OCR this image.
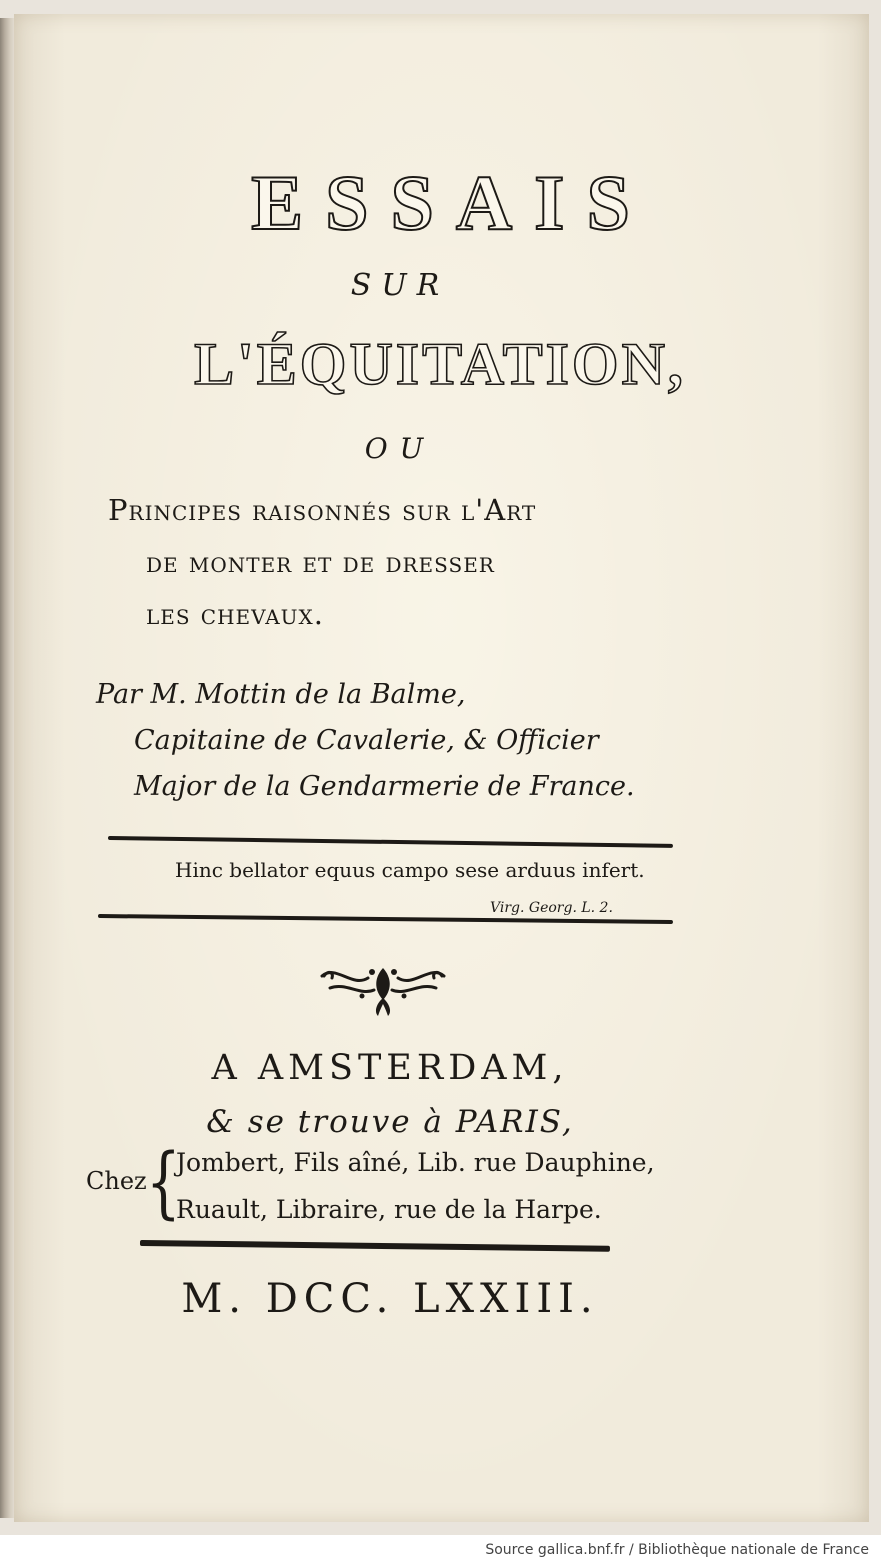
ESSAIS
SUR
L'ÉQUITATION,
OU
Principes raisonnés sur l'Art
de monter et de dresser
les chevaux.
Par M. Mottin de la Balme,
Capitaine de Cavalerie, & Officier
Major de la Gendarmerie de France.
Hinc bellator equus campo sese arduus infert.
Virg. Georg. L. 2.
A AMSTERDAM,
& se trouve à PARIS,
Chez {
Jombert, Fils aîné, Lib. rue Dauphine,
Ruault, Libraire, rue de la Harpe.
M. DCC. LXXIII.
Source gallica.bnf.fr / Bibliothèque nationale de France
